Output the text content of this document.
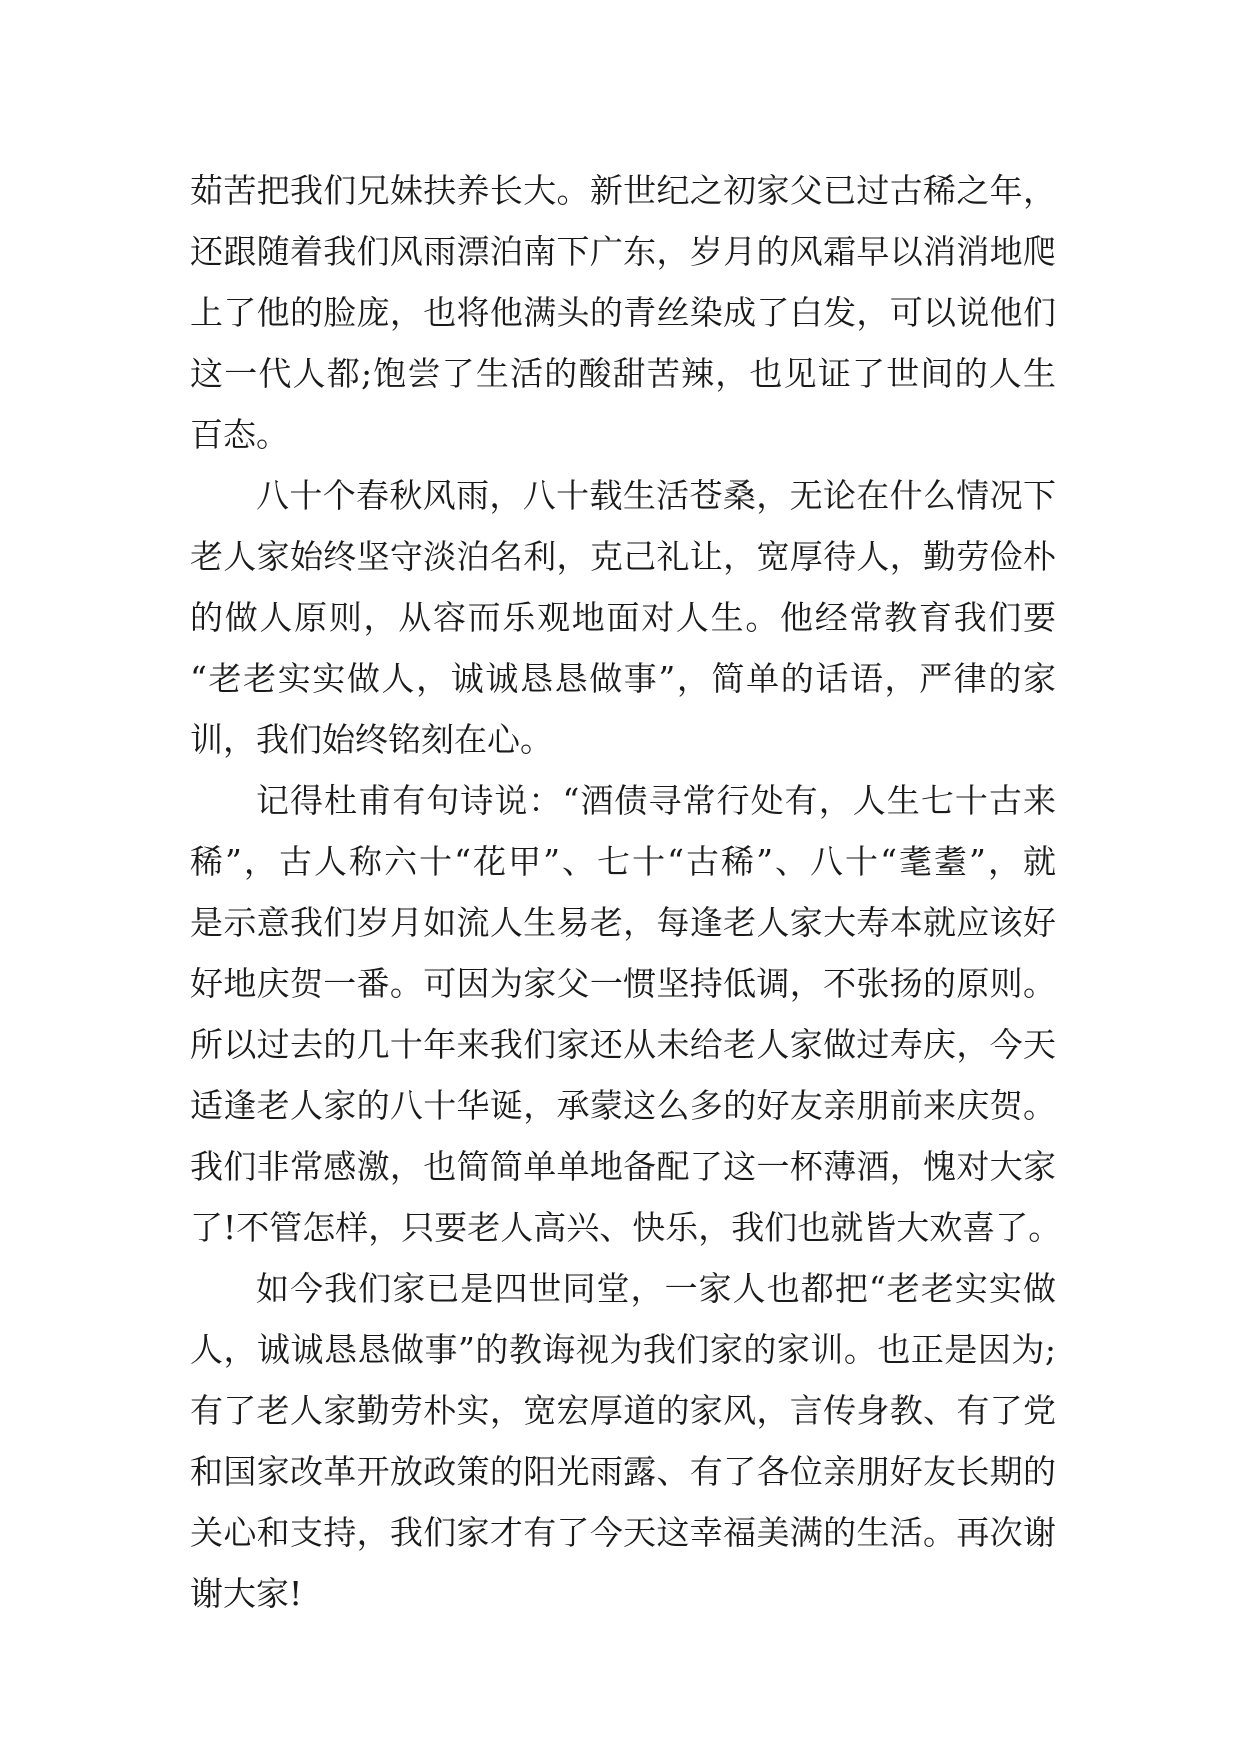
茹苦把我们兄妹扶养长大。新世纪之初家父已过古稀之年，
还跟随着我们风雨漂泊南下广东，岁月的风霜早以消消地爬
上了他的脸庞，也将他满头的青丝染成了白发，可以说他们
这一代人都;饱尝了生活的酸甜苦辣，也见证了世间的人生
百态。
八十个春秋风雨，八十载生活苍桑，无论在什么情况下
老人家始终坚守淡泊名利，克己礼让，宽厚待人，勤劳俭朴
的做人原则，从容而乐观地面对人生。他经常教育我们要
“老老实实做人，诚诚恳恳做事”，简单的话语，严律的家
训，我们始终铭刻在心。
记得杜甫有句诗说：“酒债寻常行处有，人生七十古来
稀”，古人称六十“花甲”、七十“古稀”、八十“耄耋”，就
是示意我们岁月如流人生易老，每逢老人家大寿本就应该好
好地庆贺一番。可因为家父一惯坚持低调，不张扬的原则。
所以过去的几十年来我们家还从未给老人家做过寿庆，今天
适逢老人家的八十华诞，承蒙这么多的好友亲朋前来庆贺。
我们非常感激，也简简单单地备配了这一杯薄酒，愧对大家
了!不管怎样，只要老人高兴、快乐，我们也就皆大欢喜了。
如今我们家已是四世同堂，一家人也都把“老老实实做
人，诚诚恳恳做事”的教诲视为我们家的家训。也正是因为;
有了老人家勤劳朴实，宽宏厚道的家风，言传身教、有了党
和国家改革开放政策的阳光雨露、有了各位亲朋好友长期的
关心和支持，我们家才有了今天这幸福美满的生活。再次谢
谢大家!
